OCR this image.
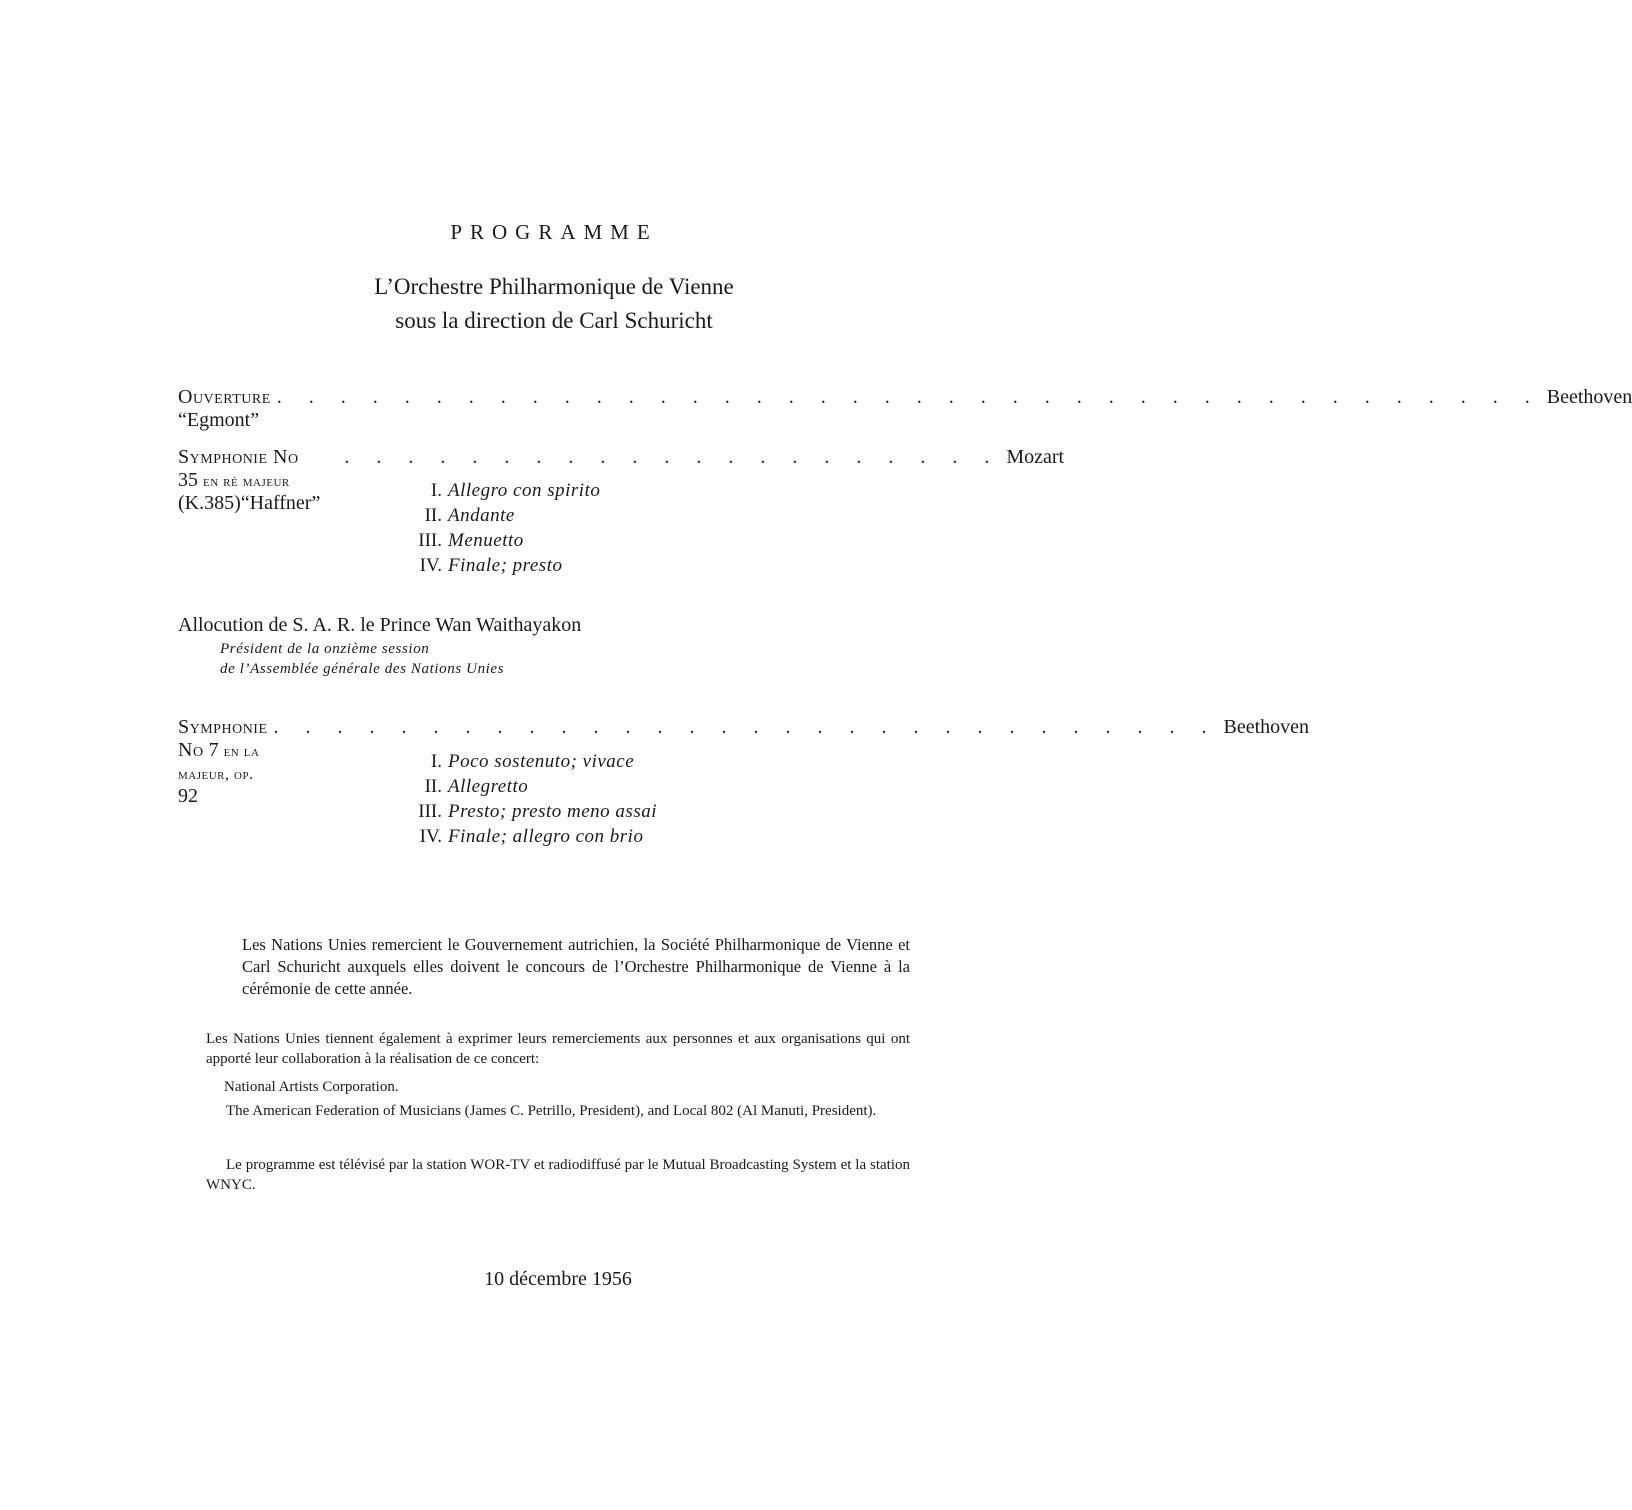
PROGRAMME
L’Orchestre Philharmonique de Vienne
sous la direction de Carl Schuricht
Ouverture “Egmont”
. . . . . . . . . . . . . . . . . . . . . . . . . . . . . . . . . . . . . . . . Beethoven
Symphonie No 35 en ré majeur (K.385)“Haffner”
. . . . . . . . . . . . . . . . . . . . . Mozart
I. Allegro con spirito
II. Andante
III. Menuetto
IV. Finale; presto
Allocution de S. A. R. le Prince Wan Waithayakon
Président de la onzième session
de l’Assemblée générale des Nations Unies
Symphonie No 7 en la majeur, op. 92
. . . . . . . . . . . . . . . . . . . . . . . . . . . . . . Beethoven
I. Poco sostenuto; vivace
II. Allegretto
III. Presto; presto meno assai
IV. Finale; allegro con brio
Les Nations Unies remercient le Gouvernement autrichien, la Société Philharmonique de Vienne et Carl Schuricht auxquels elles doivent le concours de l’Orchestre Philharmonique de Vienne à la cérémonie de cette année.
Les Nations Unies tiennent également à exprimer leurs remerciements aux personnes et aux organisations qui ont apporté leur collaboration à la réalisation de ce concert:
National Artists Corporation.
The American Federation of Musicians (James C. Petrillo, President), and Local 802 (Al Manuti, President).
Le programme est télévisé par la station WOR-TV et radiodiffusé par le Mutual Broadcasting System et la station WNYC.
10 décembre 1956
